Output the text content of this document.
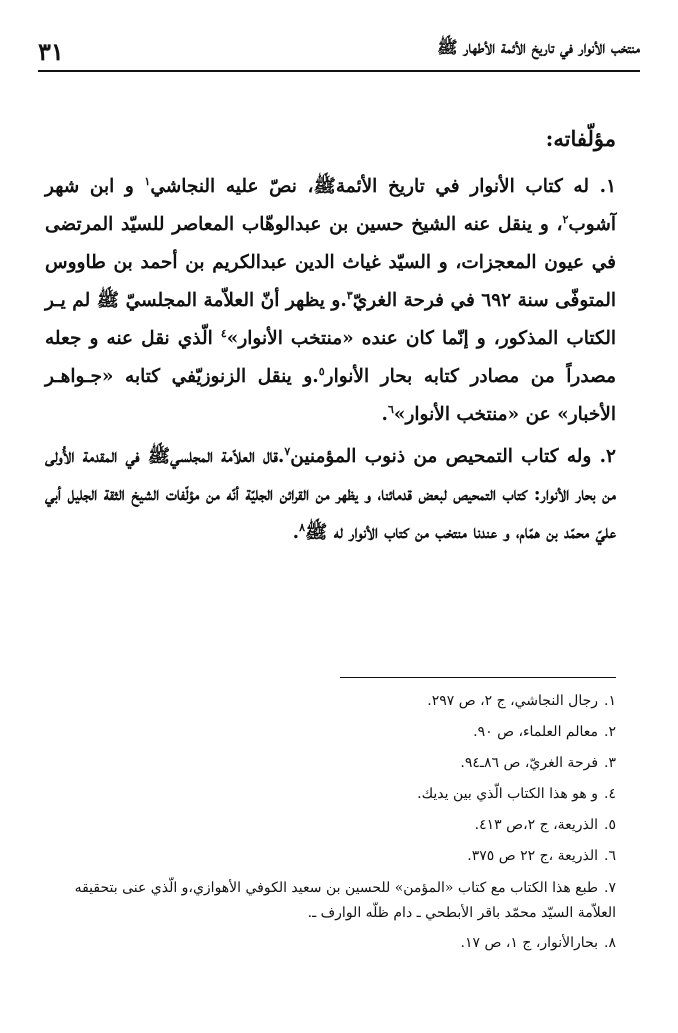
منتخب الأنوار في تاريخ الأئمة الأطهار ﷺ
٣١
مؤلّفاته:

١. له كتاب الأنوار في تاريخ الأئمةﷺ، نصّ عليه النجاشي$^١$ و ابن شهر آشوب$^٢$، و ينقل عنه الشيخ حسين بن عبدالوهّاب المعاصر للسيّد المرتضى في عيون المعجزات، و السيّد غياث الدين عبدالكريم بن أحمد بن طاووس المتوفّى سنة ٦٩٢ في فرحة الغريّ$^٣$.و يظهر أنّ العلاّمة المجلسيّ ﷺ لم يـر الكتاب المذكور، و إنّما كان عنده «منتخب الأنوار»$^٤$ الّذي نقل عنه و جعله مصدراً من مصادر كتابه بحار الأنوار$^٥$.و ينقل الزنوزيّفي كتابه «جـواهـر الأخبار» عن «منتخب الأنوار»$^٦$.

٢. وله كتاب التمحيص من ذنوب المؤمنين$^٧$.قال العلاّمة المجلسيﷺ في المقدمة الأُولى من بحار الأنوار: كتاب التمحيص لبعض قدمائنا، و يظهر من القرائن الجليّة أنّه من مؤلّفات الشيخ الثقة الجليل أبي عليّ محمّد بن همّام، و عندنا منتخب من كتاب الأنوار له ﷺ$^٨$.

١.رجال النجاشي، ج ٢، ص ٢٩٧.
٢.معالم العلماء، ص ٩٠.
٣.فرحة الغريّ، ص ٨٦ـ٩٤.
٤.و هو هذا الكتاب الّذي بين يديك.
٥.الذريعة، ج ٢،ص ٤١٣.
٦.الذريعة ،ج ٢٢ ص ٣٧٥.
٧.طبع هذا الكتاب مع كتاب «المؤمن» للحسين بن سعيد الكوفي الأهوازي،و الّذي عنى بتحقيقه العلاّمة السيّد محمّد باقر الأبطحي ـ دام ظلّه الوارف ـ.
٨.بحارالأنوار، ج ١، ص ١٧.
